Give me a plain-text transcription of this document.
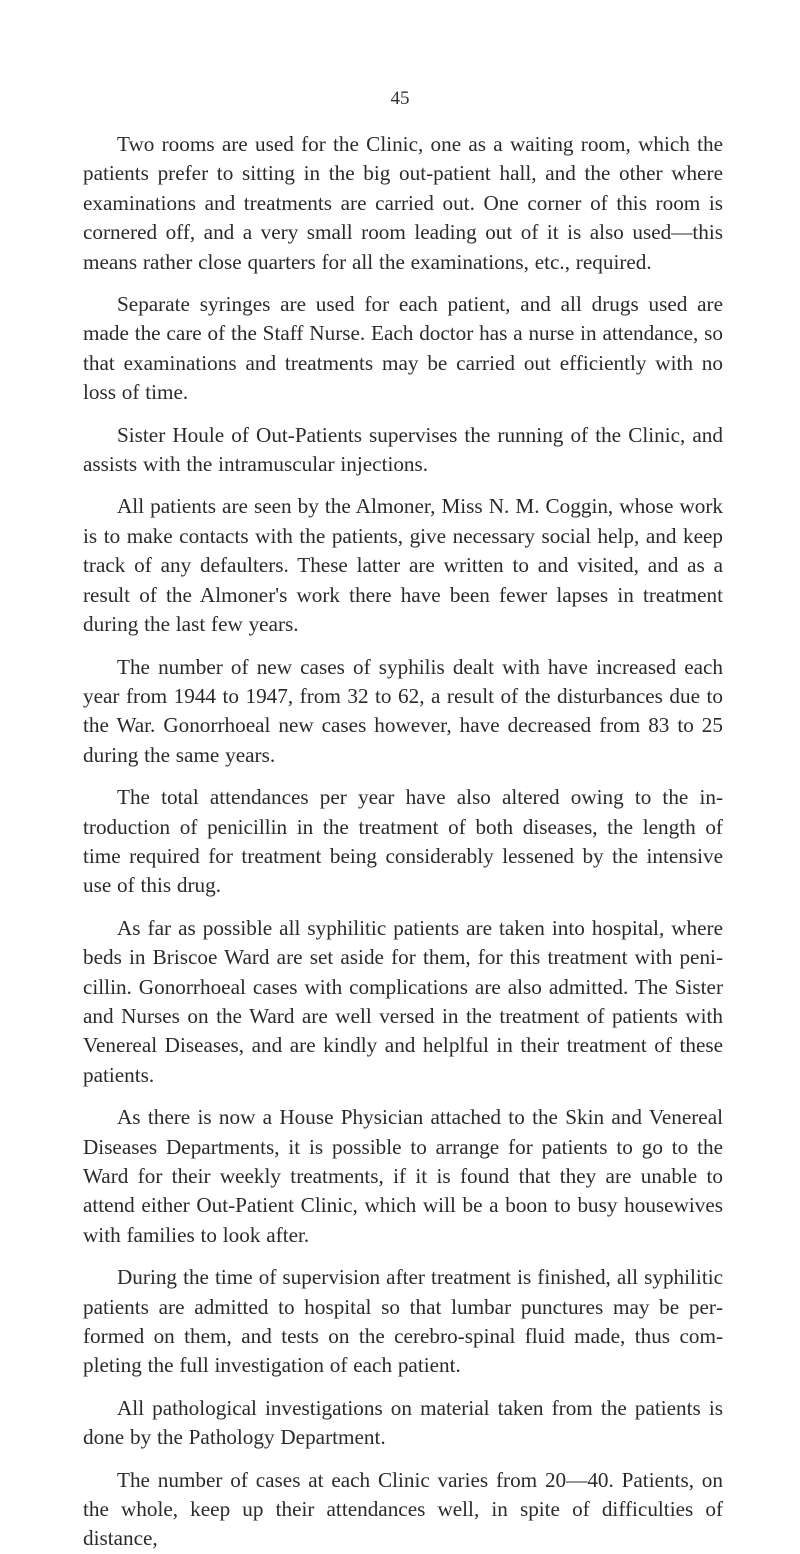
45

Two rooms are used for the Clinic, one as a waiting room, which the patients prefer to sitting in the big out-patient hall, and the other where examinations and treatments are carried out. One corner of this room is cornered off, and a very small room leading out of it is also used—this means rather close quarters for all the examinations, etc., required.

Separate syringes are used for each patient, and all drugs used are made the care of the Staff Nurse. Each doctor has a nurse in attendance, so that examinations and treatments may be carried out efficiently with no loss of time.

Sister Houle of Out-Patients supervises the running of the Clinic, and assists with the intramuscular injections.

All patients are seen by the Almoner, Miss N. M. Coggin, whose work is to make contacts with the patients, give necessary social help, and keep track of any defaulters. These latter are written to and visited, and as a result of the Almoner's work there have been fewer lapses in treatment during the last few years.

The number of new cases of syphilis dealt with have increased each year from 1944 to 1947, from 32 to 62, a result of the disturbances due to the War. Gonorrhoeal new cases however, have decreased from 83 to 25 during the same years.

The total attendances per year have also altered owing to the introduction of penicillin in the treatment of both diseases, the length of time required for treatment being considerably lessened by the intensive use of this drug.

As far as possible all syphilitic patients are taken into hospital, where beds in Briscoe Ward are set aside for them, for this treatment with penicillin. Gonorrhoeal cases with complications are also admitted. The Sister and Nurses on the Ward are well versed in the treatment of patients with Venereal Diseases, and are kindly and helplful in their treatment of these patients.

As there is now a House Physician attached to the Skin and Venereal Diseases Departments, it is possible to arrange for patients to go to the Ward for their weekly treatments, if it is found that they are unable to attend either Out-Patient Clinic, which will be a boon to busy housewives with families to look after.

During the time of supervision after treatment is finished, all syphilitic patients are admitted to hospital so that lumbar punctures may be performed on them, and tests on the cerebro-spinal fluid made, thus completing the full investigation of each patient.

All pathological investigations on material taken from the patients is done by the Pathology Department.

The number of cases at each Clinic varies from 20—40. Patients, on the whole, keep up their attendances well, in spite of difficulties of distance,
